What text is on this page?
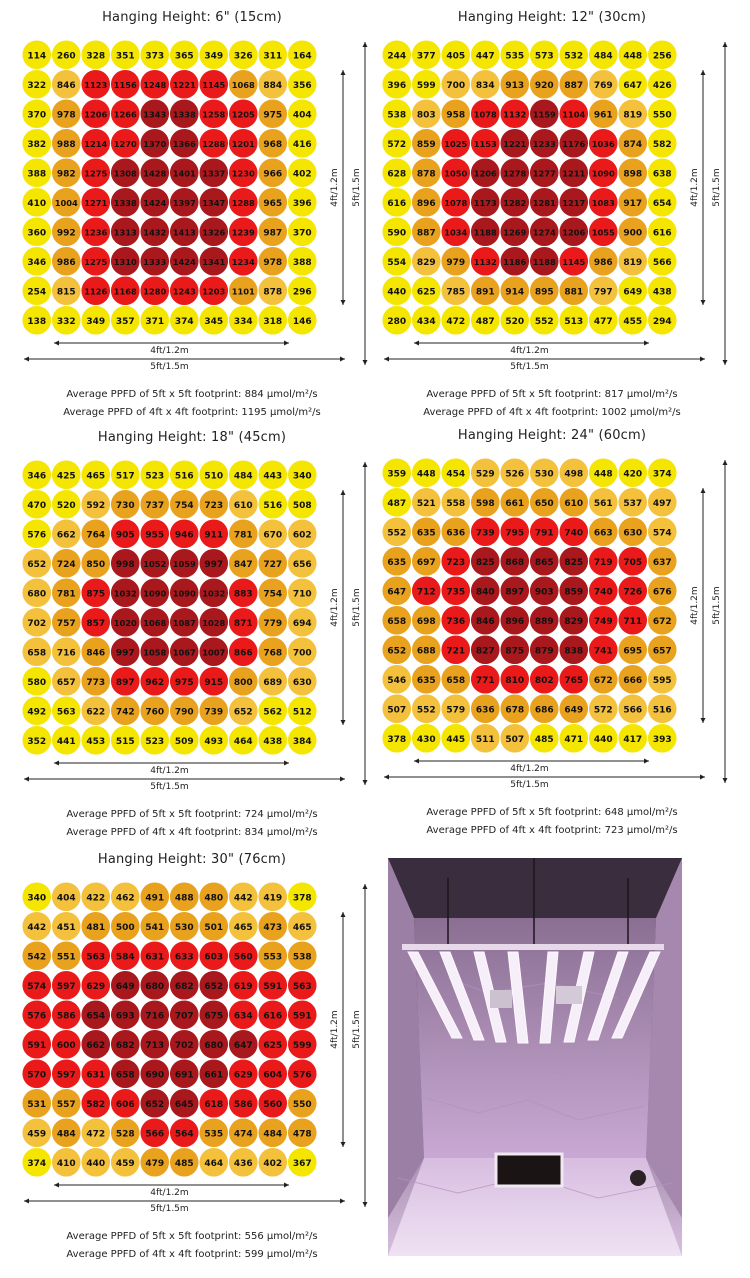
Hanging Height: 6" (15cm)
114 260 328 351 373 365 349 326 311 164
322 846 1123 1156 1248 1221 1145 1068 884 356
370 978 1206 1266 1343 1338 1258 1205 975 404
382 988 1214 1270 1370 1366 1288 1201 968 416
388 982 1275 1308 1428 1401 1337 1230 966 402
410 1004 1271 1338 1424 1397 1347 1288 965 396
360 992 1236 1313 1432 1413 1326 1239 987 370
346 986 1275 1310 1333 1424 1341 1234 978 388
254 815 1126 1168 1280 1243 1203 1101 878 296
138 332 349 357 371 374 345 334 318 146
4ft/1.2m
5ft/1.5m
4ft/1.2m 5ft/1.5m
Average PPFD of 5ft x 5ft footprint: 884 µmol/m²/s
Average PPFD of 4ft x 4ft footprint: 1195 µmol/m²/s
Hanging Height: 12" (30cm)
244 377 405 447 535 573 532 484 448 256
396 599 700 834 913 920 887 769 647 426
538 803 958 1078 1132 1159 1104 961 819 550
572 859 1025 1153 1221 1233 1176 1036 874 582
628 878 1050 1206 1278 1277 1211 1090 898 638
616 896 1078 1173 1282 1281 1217 1083 917 654
590 887 1034 1188 1269 1274 1206 1055 900 616
554 829 979 1132 1186 1188 1145 986 819 566
440 625 785 891 914 895 881 797 649 438
280 434 472 487 520 552 513 477 455 294
4ft/1.2m
5ft/1.5m
4ft/1.2m 5ft/1.5m
Average PPFD of 5ft x 5ft footprint: 817 µmol/m²/s
Average PPFD of 4ft x 4ft footprint: 1002 µmol/m²/s
Hanging Height: 18" (45cm)
346 425 465 517 523 516 510 484 443 340
470 520 592 730 737 754 723 610 516 508
576 662 764 905 955 946 911 781 670 602
652 724 850 998 1052 1059 997 847 727 656
680 781 875 1032 1090 1090 1032 883 754 710
702 757 857 1020 1068 1087 1028 871 779 694
658 716 846 997 1058 1067 1007 866 768 700
580 657 773 897 962 975 915 800 689 630
492 563 622 742 760 790 739 652 562 512
352 441 453 515 523 509 493 464 438 384
4ft/1.2m
5ft/1.5m
4ft/1.2m 5ft/1.5m
Average PPFD of 5ft x 5ft footprint: 724 µmol/m²/s
Average PPFD of 4ft x 4ft footprint: 834 µmol/m²/s
Hanging Height: 24" (60cm)
359 448 454 529 526 530 498 448 420 374
487 521 558 598 661 650 610 561 537 497
552 635 636 739 795 791 740 663 630 574
635 697 723 825 868 865 825 719 705 637
647 712 735 840 897 903 859 740 726 676
658 698 736 846 896 889 829 749 711 672
652 688 721 827 875 879 838 741 695 657
546 635 658 771 810 802 765 672 666 595
507 552 579 636 678 686 649 572 566 516
378 430 445 511 507 485 471 440 417 393
4ft/1.2m
5ft/1.5m
4ft/1.2m 5ft/1.5m
Average PPFD of 5ft x 5ft footprint: 648 µmol/m²/s
Average PPFD of 4ft x 4ft footprint: 723 µmol/m²/s
Hanging Height: 30" (76cm)
340 404 422 462 491 488 480 442 419 378
442 451 481 500 541 530 501 465 473 465
542 551 563 584 631 633 603 560 553 538
574 597 629 649 680 682 652 619 591 563
576 586 654 693 716 707 675 634 616 591
591 600 662 682 713 702 680 647 625 599
570 597 631 658 690 691 661 629 604 576
531 557 582 606 652 645 618 586 560 550
459 484 472 528 566 564 535 474 484 478
374 410 440 459 479 485 464 436 402 367
4ft/1.2m
5ft/1.5m
4ft/1.2m 5ft/1.5m
Average PPFD of 5ft x 5ft footprint: 556 µmol/m²/s
Average PPFD of 4ft x 4ft footprint: 599 µmol/m²/s
